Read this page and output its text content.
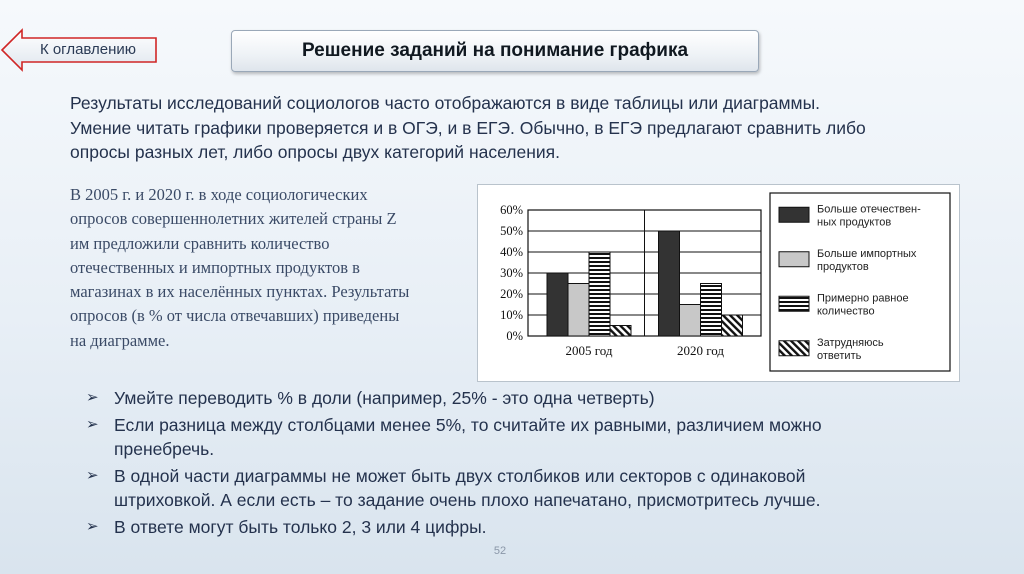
К оглавлению	Решение заданий на понимание графика
Результаты исследований социологов часто отображаются в виде таблицы или диаграммы.
Умение читать графики проверяется и в ОГЭ, и в ЕГЭ. Обычно, в ЕГЭ предлагают сравнить либо
опросы разных лет, либо опросы двух категорий населения.
В 2005 г. и 2020 г. в ходе социологических
опросов совершеннолетних жителей страны Z
им предложили сравнить количество
отечественных и импортных продуктов в
магазинах в их населённых пунктах. Результаты
опросов (в % от числа отвечавших) приведены
на диаграмме.	0%
10%
20%
30%
40%
50%
60%
2005 год	2020 год
Больше отечествен-
ных продуктов
Больше импортных
продуктов
Примерно равное
количество
Затрудняюсь
ответить
➢ Умейте переводить % в доли (например, 25% - это одна четверть)
➢ Если разница между столбцами менее 5%, то считайте их равными, различием можно
пренебречь.
➢ В одной части диаграммы не может быть двух столбиков или секторов с одинаковой
штриховкой. А если есть – то задание очень плохо напечатано, присмотритесь лучше.
➢ В ответе могут быть только 2, 3 или 4 цифры.
52
